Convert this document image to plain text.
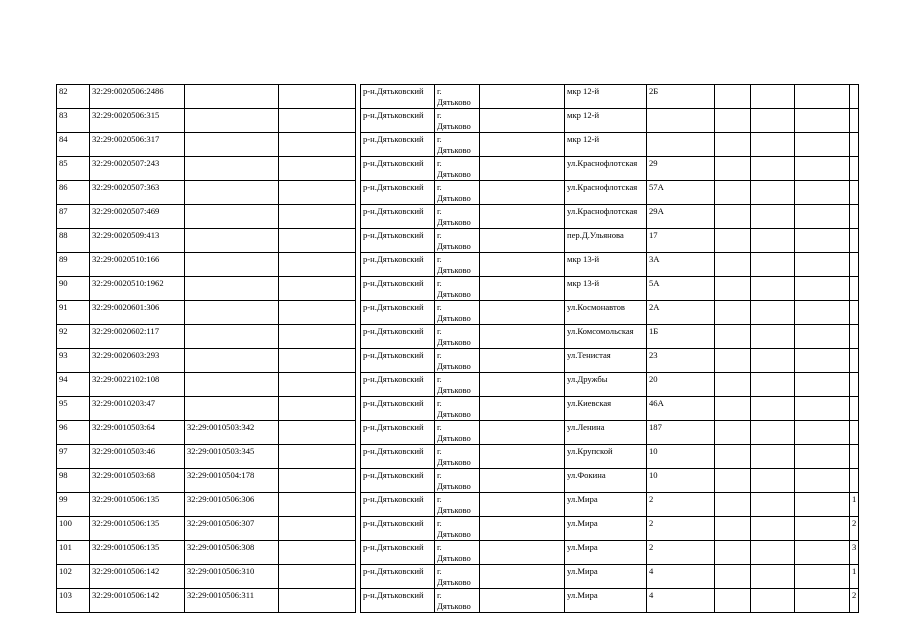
82	32:29:0020506:2486				р-н.Дятьковский	г. Дятьково		мкр 12-й	2Б				
83	32:29:0020506:315				р-н.Дятьковский	г. Дятьково		мкр 12-й					
84	32:29:0020506:317				р-н.Дятьковский	г. Дятьково		мкр 12-й					
85	32:29:0020507:243				р-н.Дятьковский	г. Дятьково		ул.Краснофлотская	29				
86	32:29:0020507:363				р-н.Дятьковский	г. Дятьково		ул.Краснофлотская	57А				
87	32:29:0020507:469				р-н.Дятьковский	г. Дятьково		ул.Краснофлотская	29А				
88	32:29:0020509:413				р-н.Дятьковский	г. Дятьково		пер.Д.Ульянова	17				
89	32:29:0020510:166				р-н.Дятьковский	г. Дятьково		мкр 13-й	3А				
90	32:29:0020510:1962				р-н.Дятьковский	г. Дятьково		мкр 13-й	5А				
91	32:29:0020601:306				р-н.Дятьковский	г. Дятьково		ул.Космонавтов	2А				
92	32:29:0020602:117				р-н.Дятьковский	г. Дятьково		ул.Комсомольская	1Б				
93	32:29:0020603:293				р-н.Дятьковский	г. Дятьково		ул.Тенистая	23				
94	32:29:0022102:108				р-н.Дятьковский	г. Дятьково		ул.Дружбы	20				
95	32:29:0010203:47				р-н.Дятьковский	г. Дятьково		ул.Киевская	46А				
96	32:29:0010503:64	32:29:0010503:342			р-н.Дятьковский	г. Дятьково		ул.Ленина	187				
97	32:29:0010503:46	32:29:0010503:345			р-н.Дятьковский	г. Дятьково		ул.Крупской	10				
98	32:29:0010503:68	32:29:0010504:178			р-н.Дятьковский	г. Дятьково		ул.Фокина	10				
99	32:29:0010506:135	32:29:0010506:306			р-н.Дятьковский	г. Дятьково		ул.Мира	2				1
100	32:29:0010506:135	32:29:0010506:307			р-н.Дятьковский	г. Дятьково		ул.Мира	2				2
101	32:29:0010506:135	32:29:0010506:308			р-н.Дятьковский	г. Дятьково		ул.Мира	2				3
102	32:29:0010506:142	32:29:0010506:310			р-н.Дятьковский	г. Дятьково		ул.Мира	4				1
103	32:29:0010506:142	32:29:0010506:311			р-н.Дятьковский	г. Дятьково		ул.Мира	4				2
